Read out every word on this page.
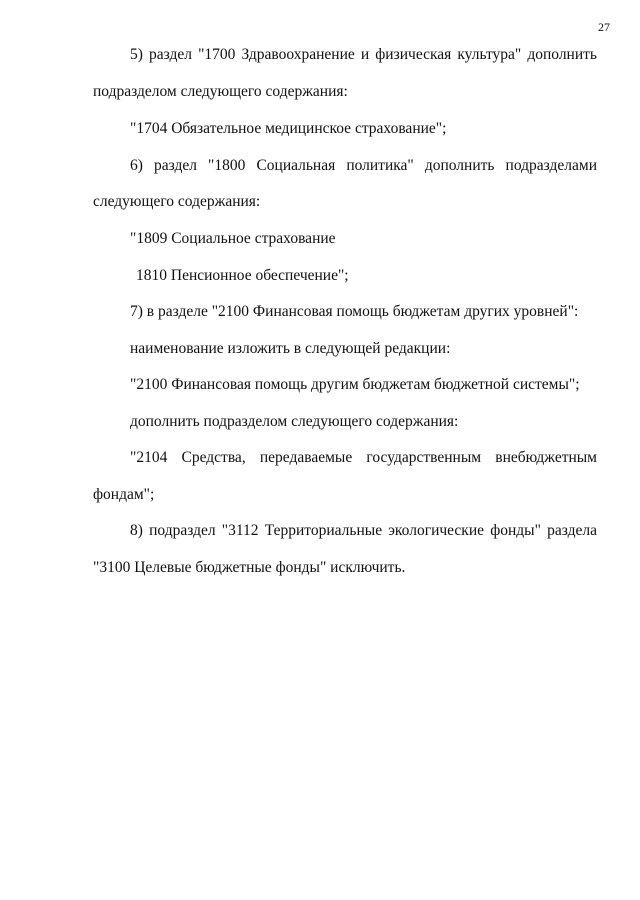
27
5) раздел "1700 Здравоохранение и физическая культура" дополнить
подразделом следующего содержания:
"1704 Обязательное медицинское страхование";
6) раздел "1800 Социальная политика" дополнить подразделами
следующего содержания:
"1809 Социальное страхование
1810 Пенсионное обеспечение";
7) в разделе "2100 Финансовая помощь бюджетам других уровней":
наименование изложить в следующей редакции:
"2100 Финансовая помощь другим бюджетам бюджетной системы";
дополнить подразделом следующего содержания:
"2104 Средства, передаваемые государственным внебюджетным
фондам";
8) подраздел "3112 Территориальные экологические фонды" раздела
"3100 Целевые бюджетные фонды" исключить.
